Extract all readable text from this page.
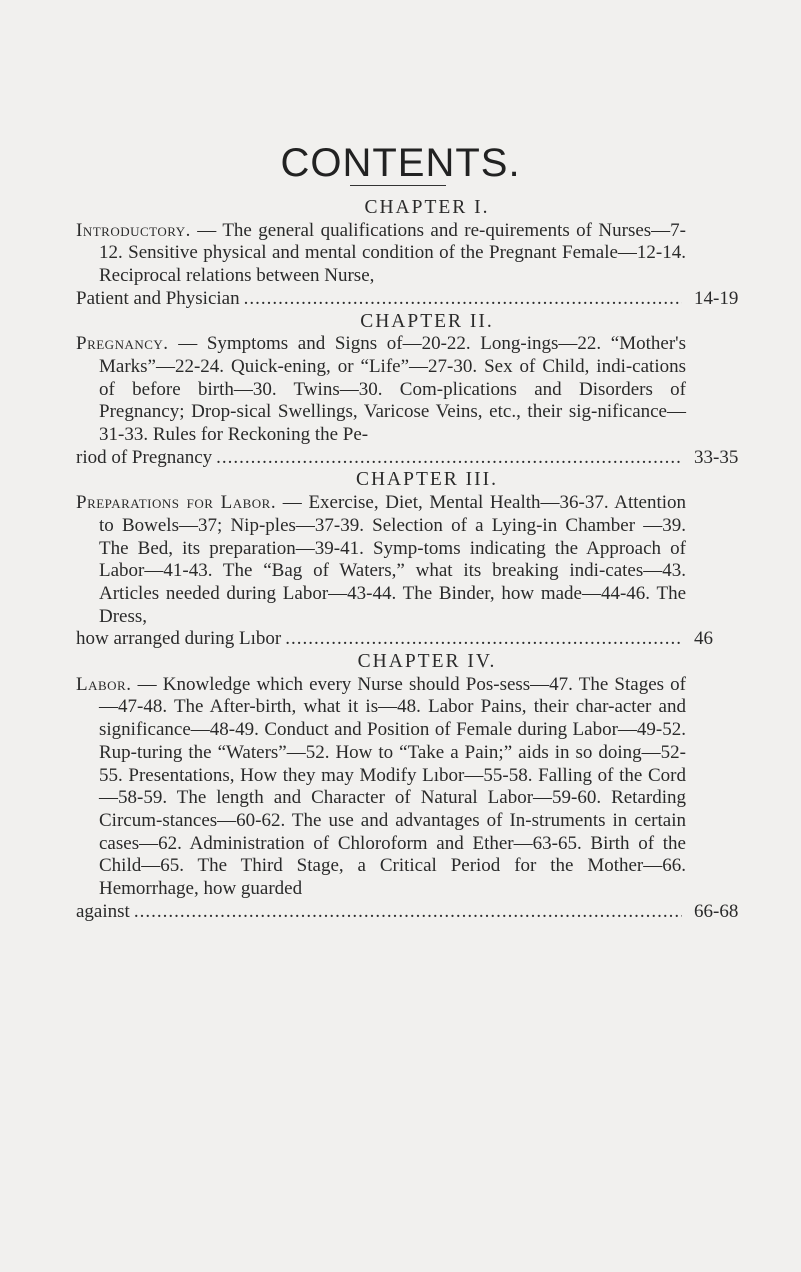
CONTENTS.
CHAPTER I.
Introductory. — The general qualifications and re-quirements of Nurses—7-12. Sensitive physical and mental condition of the Pregnant Female—12-14. Reciprocal relations between Nurse,
Patient and Physician .....	14-19
CHAPTER II.
Pregnancy. — Symptoms and Signs of—20-22. Long-ings—22. “Mother's Marks”—22-24. Quick-ening, or “Life”—27-30. Sex of Child, indi-cations of before birth—30. Twins—30. Com-plications and Disorders of Pregnancy; Drop-sical Swellings, Varicose Veins, etc., their sig-nificance—31-33. Rules for Reckoning the Pe-
riod of Pregnancy .....	33-35
CHAPTER III.
Preparations for Labor. — Exercise, Diet, Mental Health—36-37. Attention to Bowels—37; Nip-ples—37-39. Selection of a Lying-in Chamber —39. The Bed, its preparation—39-41. Symp-toms indicating the Approach of Labor—41-43. The “Bag of Waters,” what its breaking indi-cates—43. Articles needed during Labor—43-44. The Binder, how made—44-46. The Dress,
how arranged during Lıbor .....	46
CHAPTER IV.
Labor. — Knowledge which every Nurse should Pos-sess—47. The Stages of—47-48. The After-birth, what it is—48. Labor Pains, their char-acter and significance—48-49. Conduct and Position of Female during Labor—49-52. Rup-turing the “Waters”—52. How to “Take a Pain;” aids in so doing—52-55. Presentations, How they may Modify Lıbor—55-58. Falling of the Cord—58-59. The length and Character of Natural Labor—59-60. Retarding Circum-stances—60-62. The use and advantages of In-struments in certain cases—62. Administration of Chloroform and Ether—63-65. Birth of the Child—65. The Third Stage, a Critical Period for the Mother—66. Hemorrhage, how guarded
against .....	66-68
